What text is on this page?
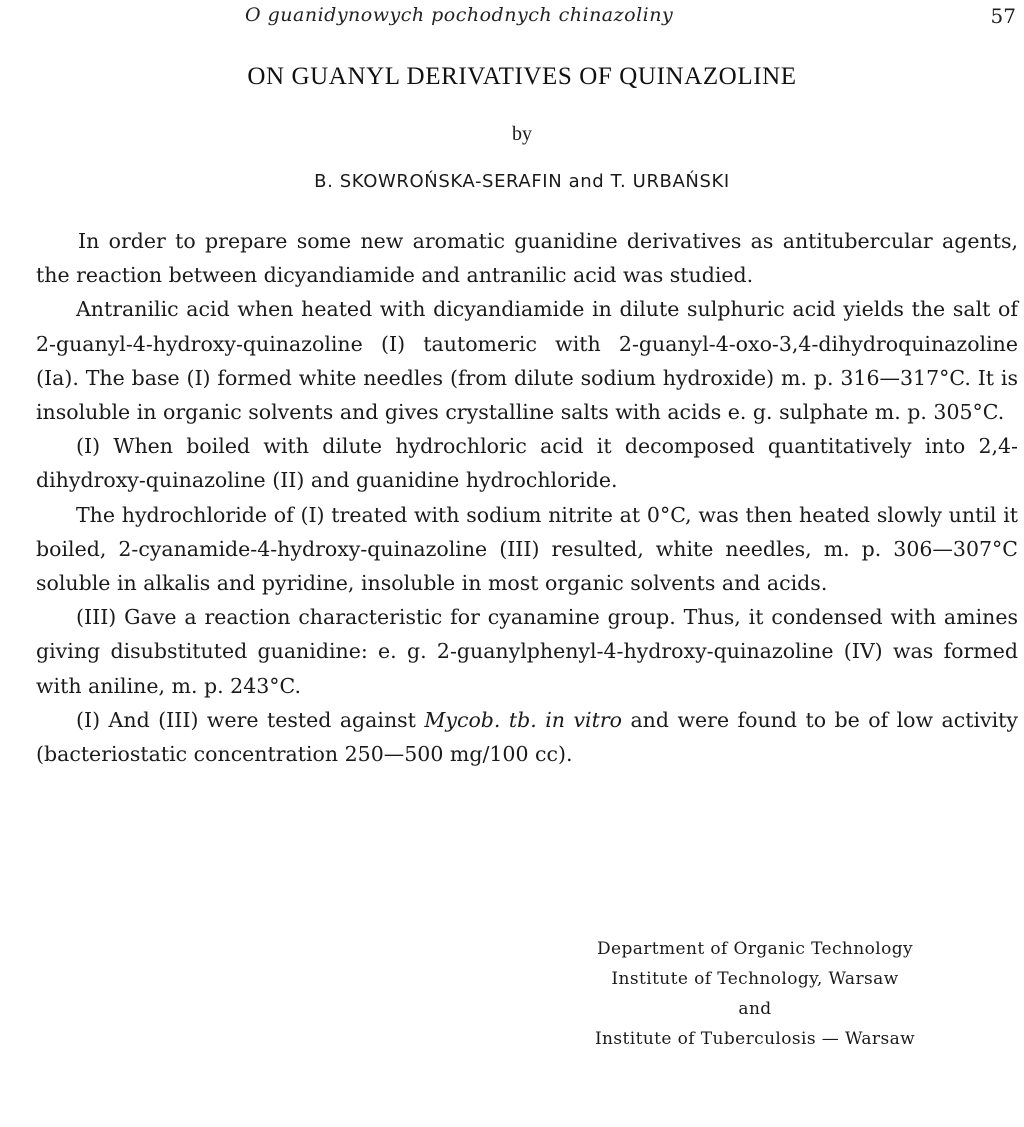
O guanidynowych pochodnych chinazoliny	57
ON GUANYL DERIVATIVES OF QUINAZOLINE
by
B. SKOWROŃSKA-SERAFIN and T. URBAŃSKI

In order to prepare some new aromatic guanidine derivatives as antitubercular agents, the reaction between dicyandiamide and antranilic acid was studied.

Antranilic acid when heated with dicyandiamide in dilute sulphuric acid yields the salt of 2-guanyl-4-hydroxy-quinazoline (I) tautomeric with 2-guanyl-4-oxo-3,4-dihydroquinazoline (Ia). The base (I) formed white needles (from dilute sodium hydroxide) m. p. 316—317°C. It is insoluble in organic solvents and gives crystalline salts with acids e. g. sulphate m. p. 305°C.

(I) When boiled with dilute hydrochloric acid it decomposed quantitatively into 2,4-dihydroxy-quinazoline (II) and guanidine hydrochloride.

The hydrochloride of (I) treated with sodium nitrite at 0°C, was then heated slowly until it boiled, 2-cyanamide-4-hydroxy-quinazoline (III) resulted, white needles, m. p. 306—307°C soluble in alkalis and pyridine, insoluble in most organic solvents and acids.

(III) Gave a reaction characteristic for cyanamine group. Thus, it condensed with amines giving disubstituted guanidine: e. g. 2-guanylphenyl-4-hydroxy-quinazoline (IV) was formed with aniline, m. p. 243°C.

(I) And (III) were tested against Mycob. tb. in vitro and were found to be of low activity (bacteriostatic concentration 250—500 mg/100 cc).

Department of Organic Technology
Institute of Technology, Warsaw
and
Institute of Tuberculosis — Warsaw
